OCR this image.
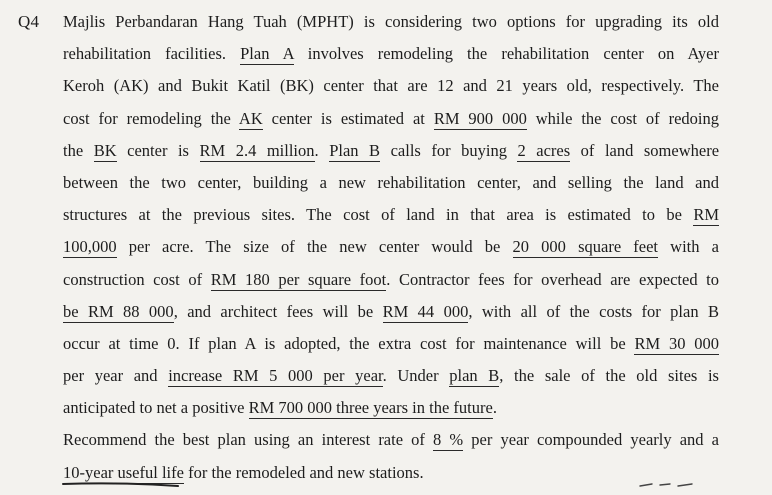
Q4 Majlis Perbandaran Hang Tuah (MPHT) is considering two options for upgrading its old
rehabilitation facilities. Plan A involves remodeling the rehabilitation center on Ayer
Keroh (AK) and Bukit Katil (BK) center that are 12 and 21 years old, respectively. The
cost for remodeling the AK center is estimated at RM 900 000 while the cost of redoing
the BK center is RM 2.4 million. Plan B calls for buying 2 acres of land somewhere
between the two center, building a new rehabilitation center, and selling the land and
structures at the previous sites. The cost of land in that area is estimated to be RM
100,000 per acre. The size of the new center would be 20 000 square feet with a
construction cost of RM 180 per square foot. Contractor fees for overhead are expected to
be RM 88 000, and architect fees will be RM 44 000, with all of the costs for plan B
occur at time 0. If plan A is adopted, the extra cost for maintenance will be RM 30 000
per year and increase RM 5 000 per year. Under plan B, the sale of the old sites is
anticipated to net a positive RM 700 000 three years in the future.
Recommend the best plan using an interest rate of 8 % per year compounded yearly and a
10-year useful life for the remodeled and new stations.
